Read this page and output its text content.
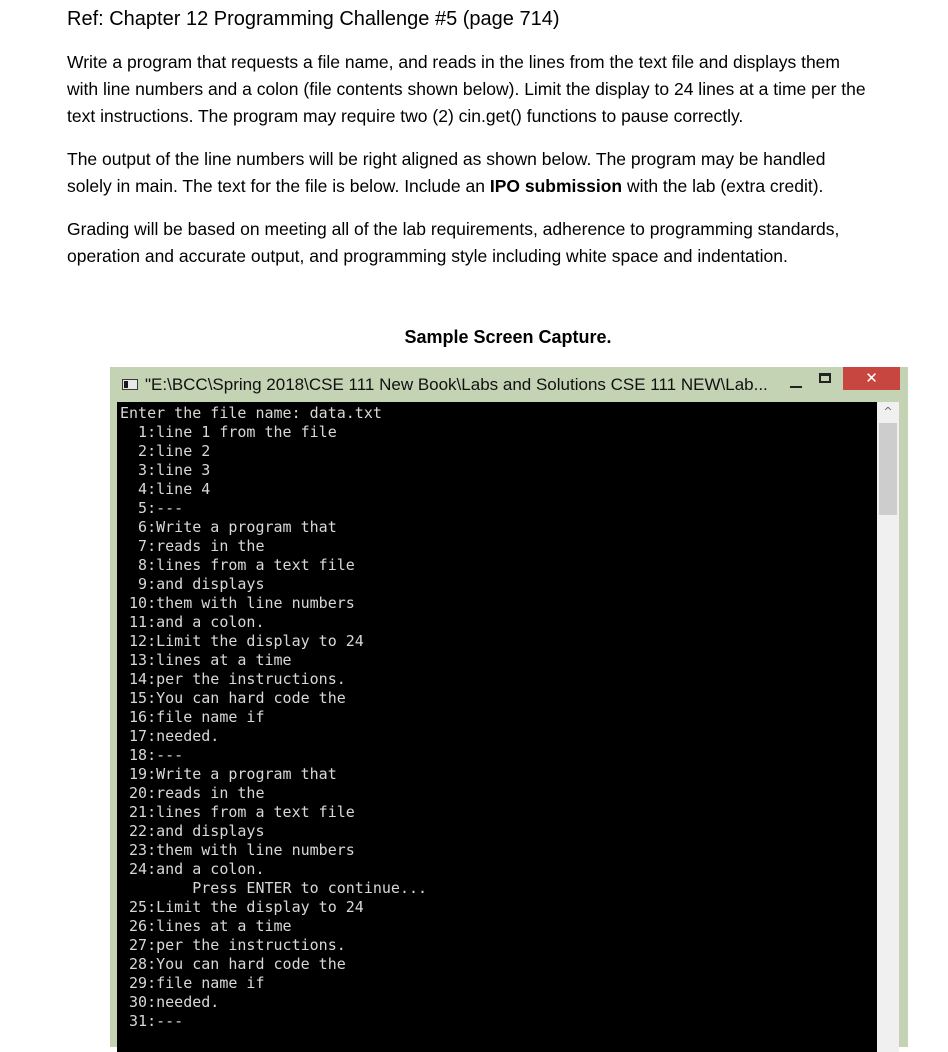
Ref: Chapter 12 Programming Challenge #5 (page 714)
Write a program that requests a file name, and reads in the lines from the text file and displays them
with line numbers and a colon (file contents shown below). Limit the display to 24 lines at a time per the
text instructions. The program may require two (2) cin.get() functions to pause correctly.
The output of the line numbers will be right aligned as shown below. The program may be handled
solely in main. The text for the file is below. Include an IPO submission with the lab (extra credit).
Grading will be based on meeting all of the lab requirements, adherence to programming standards,
operation and accurate output, and programming style including white space and indentation.
Sample Screen Capture.
"E:\BCC\Spring 2018\CSE 111 New Book\Labs and Solutions CSE 111 NEW\Lab...	✕
Enter the file name: data.txt
1:line 1 from the file
2:line 2
3:line 3
4:line 4
5:---
6:Write a program that
7:reads in the
8:lines from a text file
9:and displays
10:them with line numbers
11:and a colon.
12:Limit the display to 24
13:lines at a time
14:per the instructions.
15:You can hard code the
16:file name if
17:needed.
18:---
19:Write a program that
20:reads in the
21:lines from a text file
22:and displays
23:them with line numbers
24:and a colon.
Press ENTER to continue...
25:Limit the display to 24
26:lines at a time
27:per the instructions.
28:You can hard code the
29:file name if
30:needed.
31:---
^
